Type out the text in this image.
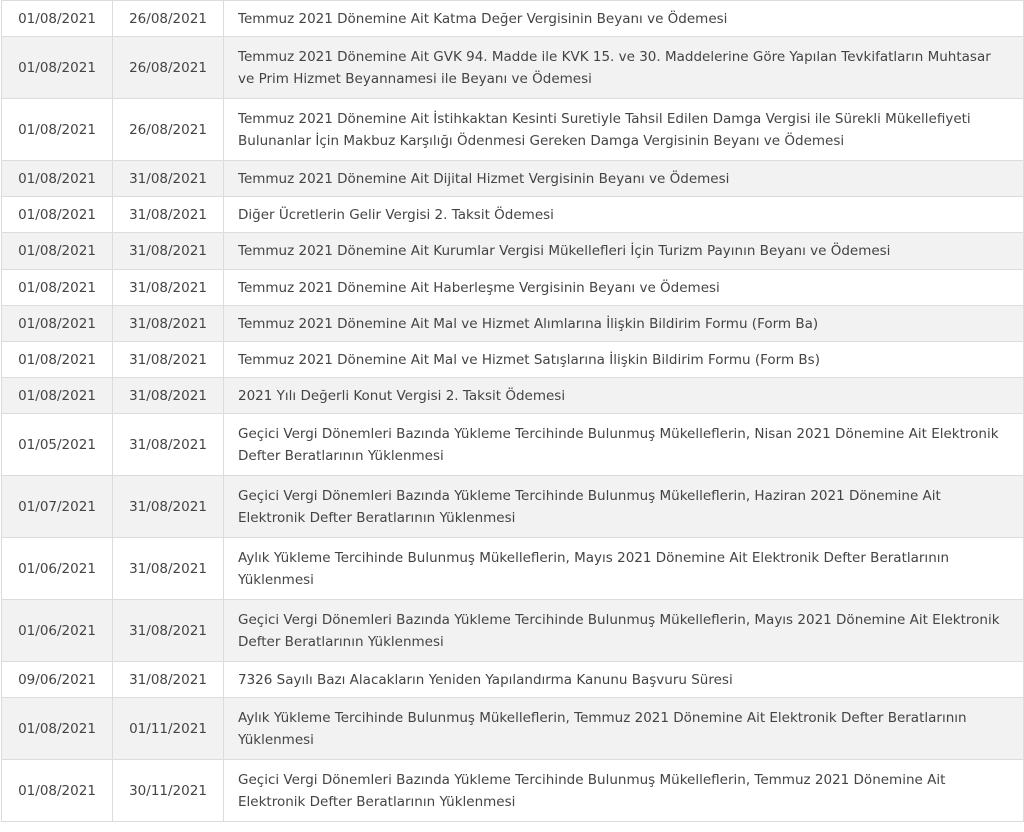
01/08/2021	26/08/2021	Temmuz 2021 Dönemine Ait Katma Değer Vergisinin Beyanı ve Ödemesi
01/08/2021	26/08/2021	Temmuz 2021 Dönemine Ait GVK 94. Madde ile KVK 15. ve 30. Maddelerine Göre Yapılan Tevkifatların Muhtasar ve Prim Hizmet Beyannamesi ile Beyanı ve Ödemesi
01/08/2021	26/08/2021	Temmuz 2021 Dönemine Ait İstihkaktan Kesinti Suretiyle Tahsil Edilen Damga Vergisi ile Sürekli Mükellefiyeti Bulunanlar İçin Makbuz Karşılığı Ödenmesi Gereken Damga Vergisinin Beyanı ve Ödemesi
01/08/2021	31/08/2021	Temmuz 2021 Dönemine Ait Dijital Hizmet Vergisinin Beyanı ve Ödemesi
01/08/2021	31/08/2021	Diğer Ücretlerin Gelir Vergisi 2. Taksit Ödemesi
01/08/2021	31/08/2021	Temmuz 2021 Dönemine Ait Kurumlar Vergisi Mükellefleri İçin Turizm Payının Beyanı ve Ödemesi
01/08/2021	31/08/2021	Temmuz 2021 Dönemine Ait Haberleşme Vergisinin Beyanı ve Ödemesi
01/08/2021	31/08/2021	Temmuz 2021 Dönemine Ait Mal ve Hizmet Alımlarına İlişkin Bildirim Formu (Form Ba)
01/08/2021	31/08/2021	Temmuz 2021 Dönemine Ait Mal ve Hizmet Satışlarına İlişkin Bildirim Formu (Form Bs)
01/08/2021	31/08/2021	2021 Yılı Değerli Konut Vergisi 2. Taksit Ödemesi
01/05/2021	31/08/2021	Geçici Vergi Dönemleri Bazında Yükleme Tercihinde Bulunmuş Mükelleflerin, Nisan 2021 Dönemine Ait Elektronik Defter Beratlarının Yüklenmesi
01/07/2021	31/08/2021	Geçici Vergi Dönemleri Bazında Yükleme Tercihinde Bulunmuş Mükelleflerin, Haziran 2021 Dönemine Ait Elektronik Defter Beratlarının Yüklenmesi
01/06/2021	31/08/2021	Aylık Yükleme Tercihinde Bulunmuş Mükelleflerin, Mayıs 2021 Dönemine Ait Elektronik Defter Beratlarının Yüklenmesi
01/06/2021	31/08/2021	Geçici Vergi Dönemleri Bazında Yükleme Tercihinde Bulunmuş Mükelleflerin, Mayıs 2021 Dönemine Ait Elektronik Defter Beratlarının Yüklenmesi
09/06/2021	31/08/2021	7326 Sayılı Bazı Alacakların Yeniden Yapılandırma Kanunu Başvuru Süresi
01/08/2021	01/11/2021	Aylık Yükleme Tercihinde Bulunmuş Mükelleflerin, Temmuz 2021 Dönemine Ait Elektronik Defter Beratlarının Yüklenmesi
01/08/2021	30/11/2021	Geçici Vergi Dönemleri Bazında Yükleme Tercihinde Bulunmuş Mükelleflerin, Temmuz 2021 Dönemine Ait Elektronik Defter Beratlarının Yüklenmesi
